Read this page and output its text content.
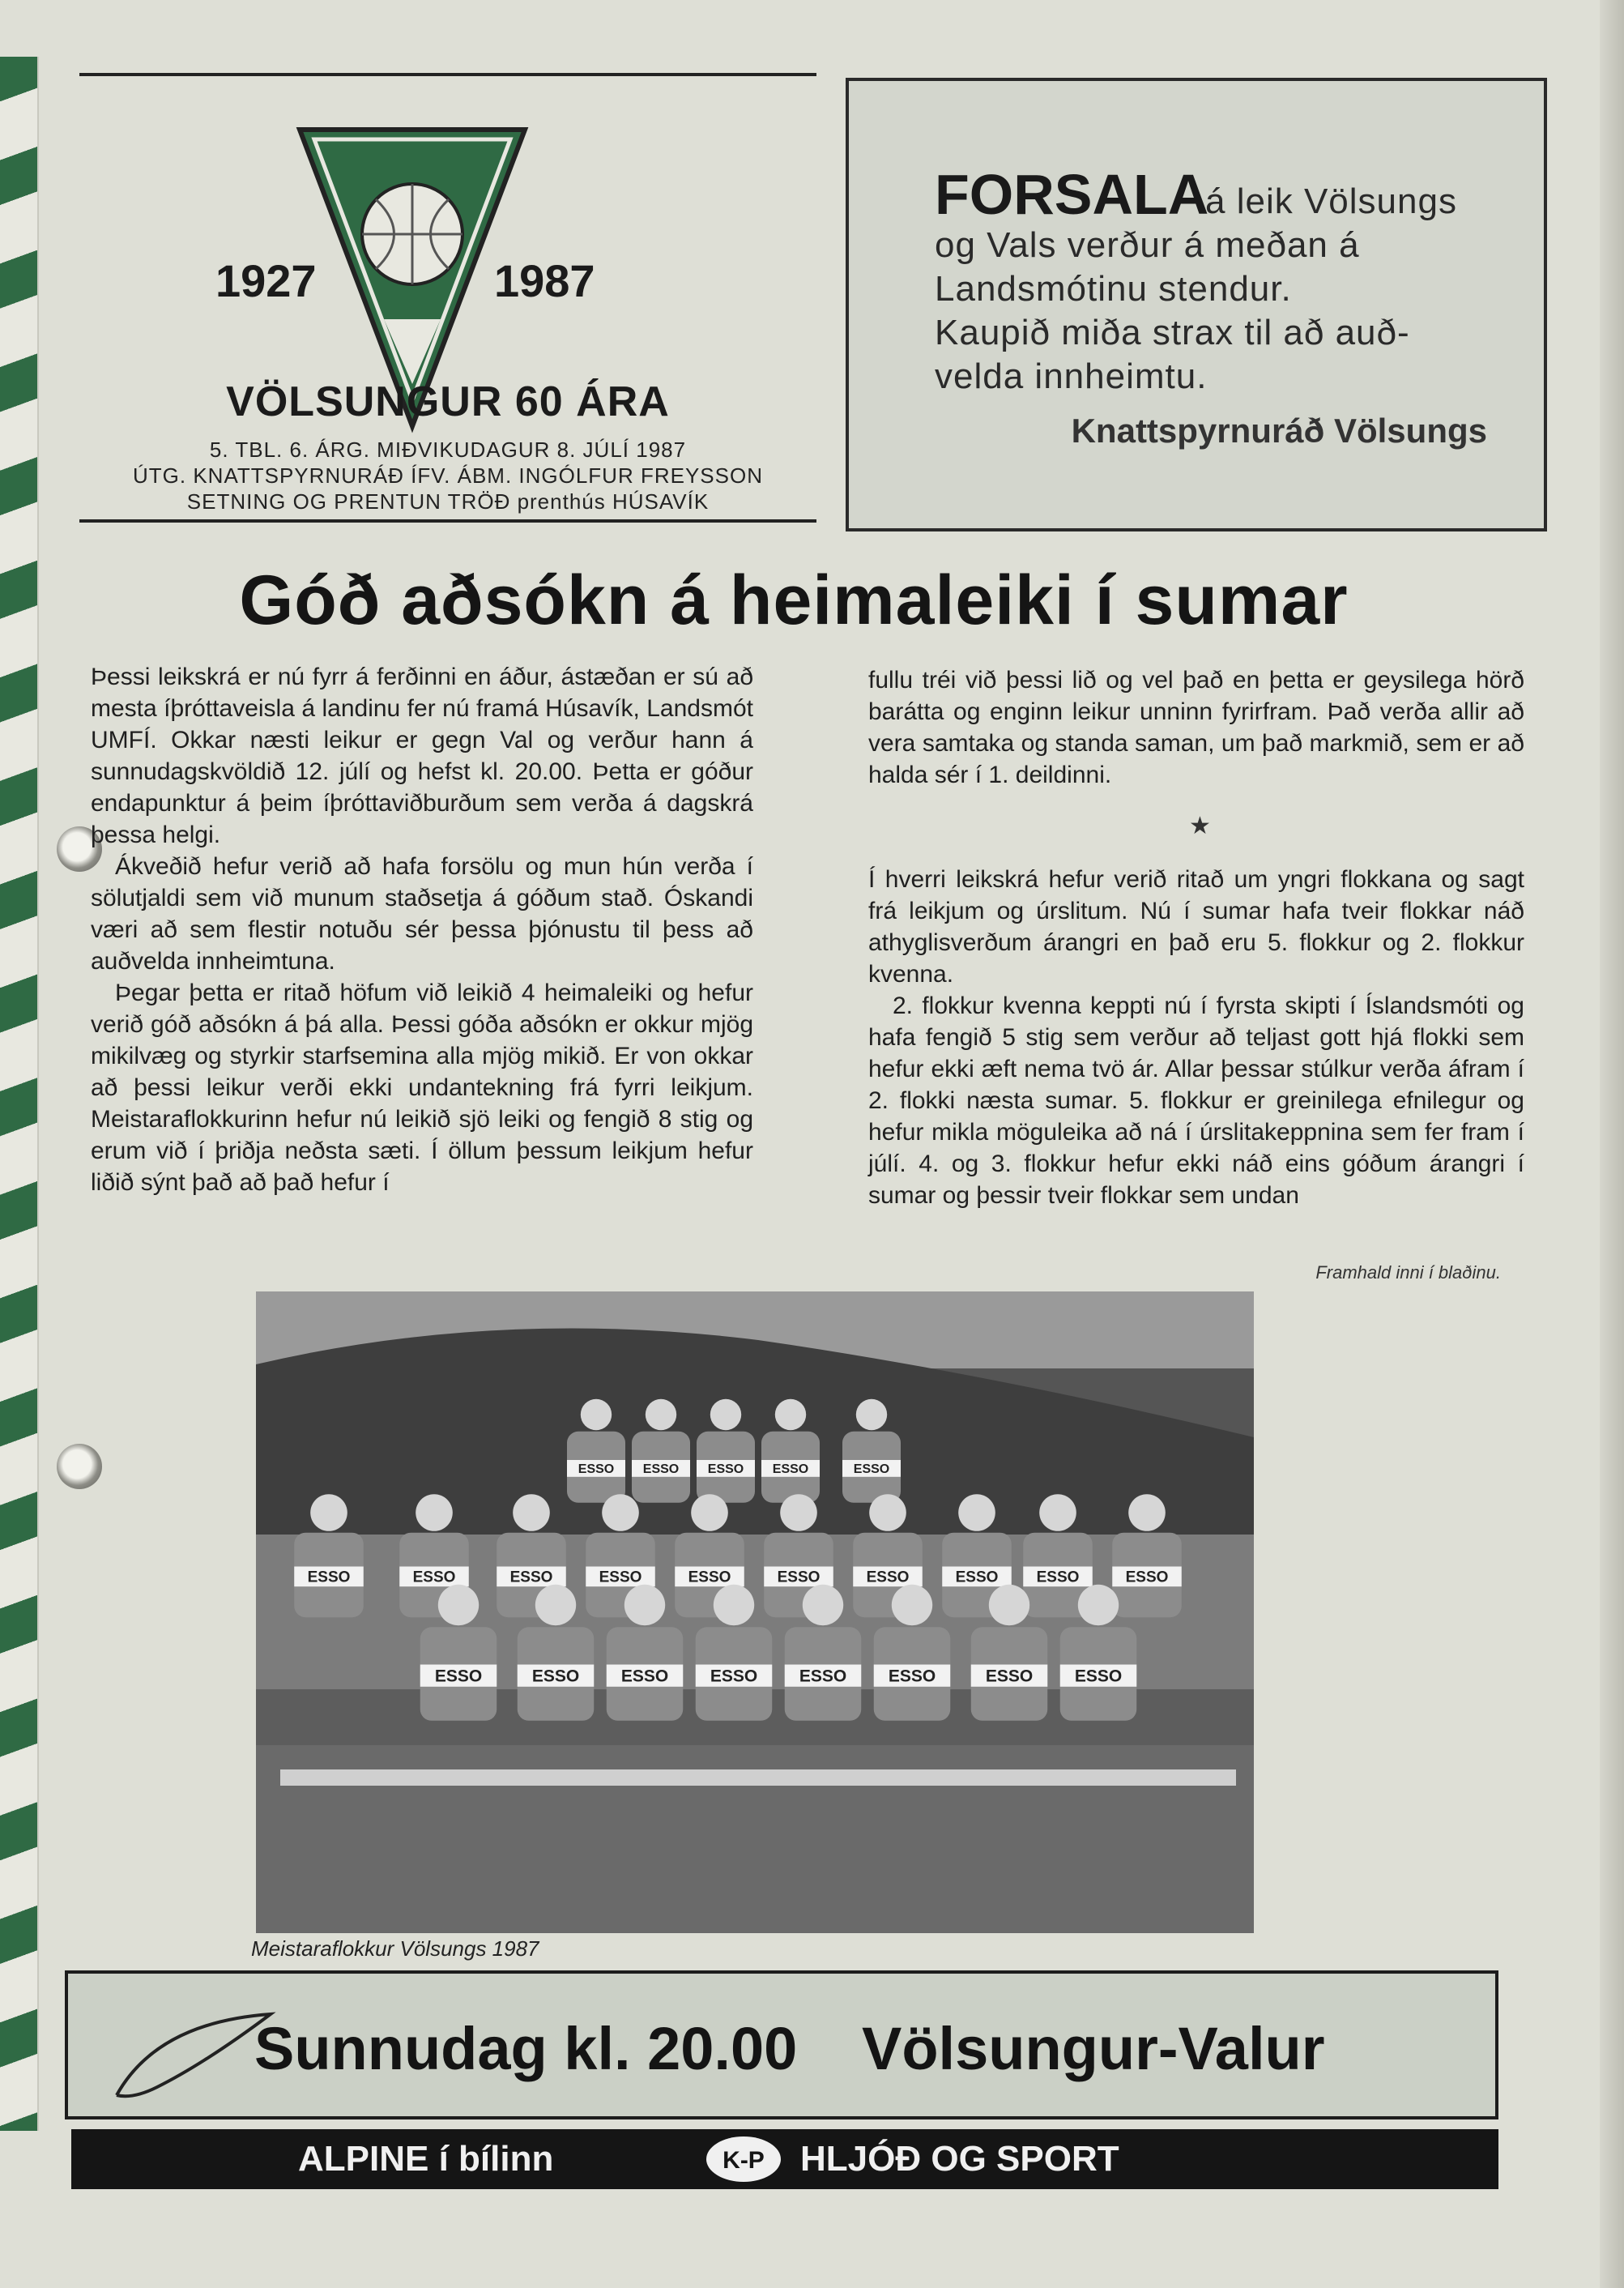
1927	1987
VÖLSUNGUR 60 ÁRA
5. TBL. 6. ÁRG. MIÐVIKUDAGUR 8. JÚLÍ 1987
ÚTG. KNATTSPYRNURÁÐ ÍFV. ÁBM. INGÓLFUR FREYSSON
SETNING OG PRENTUN TRÖÐ prenthús HÚSAVÍK
FORSALA
á leik Völsungs
og Vals verður á meðan á
Landsmótinu stendur.
Kaupið miða strax til að auð-
velda innheimtu.
Knattspyrnuráð Völsungs
Góð aðsókn á heimaleiki í sumar

Þessi leikskrá er nú fyrr á ferðinni en áður, ástæðan er sú að mesta íþróttaveisla á landinu fer nú framá Húsavík, Landsmót UMFÍ. Okkar næsti leikur er gegn Val og verður hann á sunnudagskvöldið 12. júlí og hefst kl. 20.00. Þetta er góður endapunktur á þeim íþróttaviðburðum sem verða á dagskrá þessa helgi.

Ákveðið hefur verið að hafa forsölu og mun hún verða í sölutjaldi sem við munum staðsetja á góðum stað. Óskandi væri að sem flestir notuðu sér þessa þjónustu til þess að auðvelda innheimtuna.

Þegar þetta er ritað höfum við leikið 4 heimaleiki og hefur verið góð aðsókn á þá alla. Þessi góða aðsókn er okkur mjög mikilvæg og styrkir starfsemina alla mjög mikið. Er von okkar að þessi leikur verði ekki undantekning frá fyrri leikjum. Meistaraflokkurinn hefur nú leikið sjö leiki og fengið 8 stig og erum við í þriðja neðsta sæti. Í öllum þessum leikjum hefur liðið sýnt það að það hefur í

fullu tréi við þessi lið og vel það en þetta er geysilega hörð barátta og enginn leikur unninn fyrirfram. Það verða allir að vera samtaka og standa saman, um það markmið, sem er að halda sér í 1. deildinni.

★

Í hverri leikskrá hefur verið ritað um yngri flokkana og sagt frá leikjum og úrslitum. Nú í sumar hafa tveir flokkar náð athyglisverðum árangri en það eru 5. flokkur og 2. flokkur kvenna.

2. flokkur kvenna keppti nú í fyrsta skipti í Íslandsmóti og hafa fengið 5 stig sem verður að teljast gott hjá flokki sem hefur ekki æft nema tvö ár. Allar þessar stúlkur verða áfram í 2. flokki næsta sumar. 5. flokkur er greinilega efnilegur og hefur mikla möguleika að ná í úrslitakeppnina sem fer fram í júlí. 4. og 3. flokkur hefur ekki náð eins góðum árangri í sumar og þessir tveir flokkar sem undan

Framhald inni í blaðinu.
ESSO ESSO ESSO ESSO	ESSO
ESSO	ESSO	ESSO	ESSO	ESSO	ESSO	ESSO	ESSO ESSO	ESSO
ESSO	ESSO ESSO ESSO ESSO ESSO	ESSO ESSO
Meistaraflokkur Völsungs 1987
Sunnudag kl. 20.00 Völsungur-Valur
ALPINE í bílinn	K-P HLJÓÐ OG SPORT
